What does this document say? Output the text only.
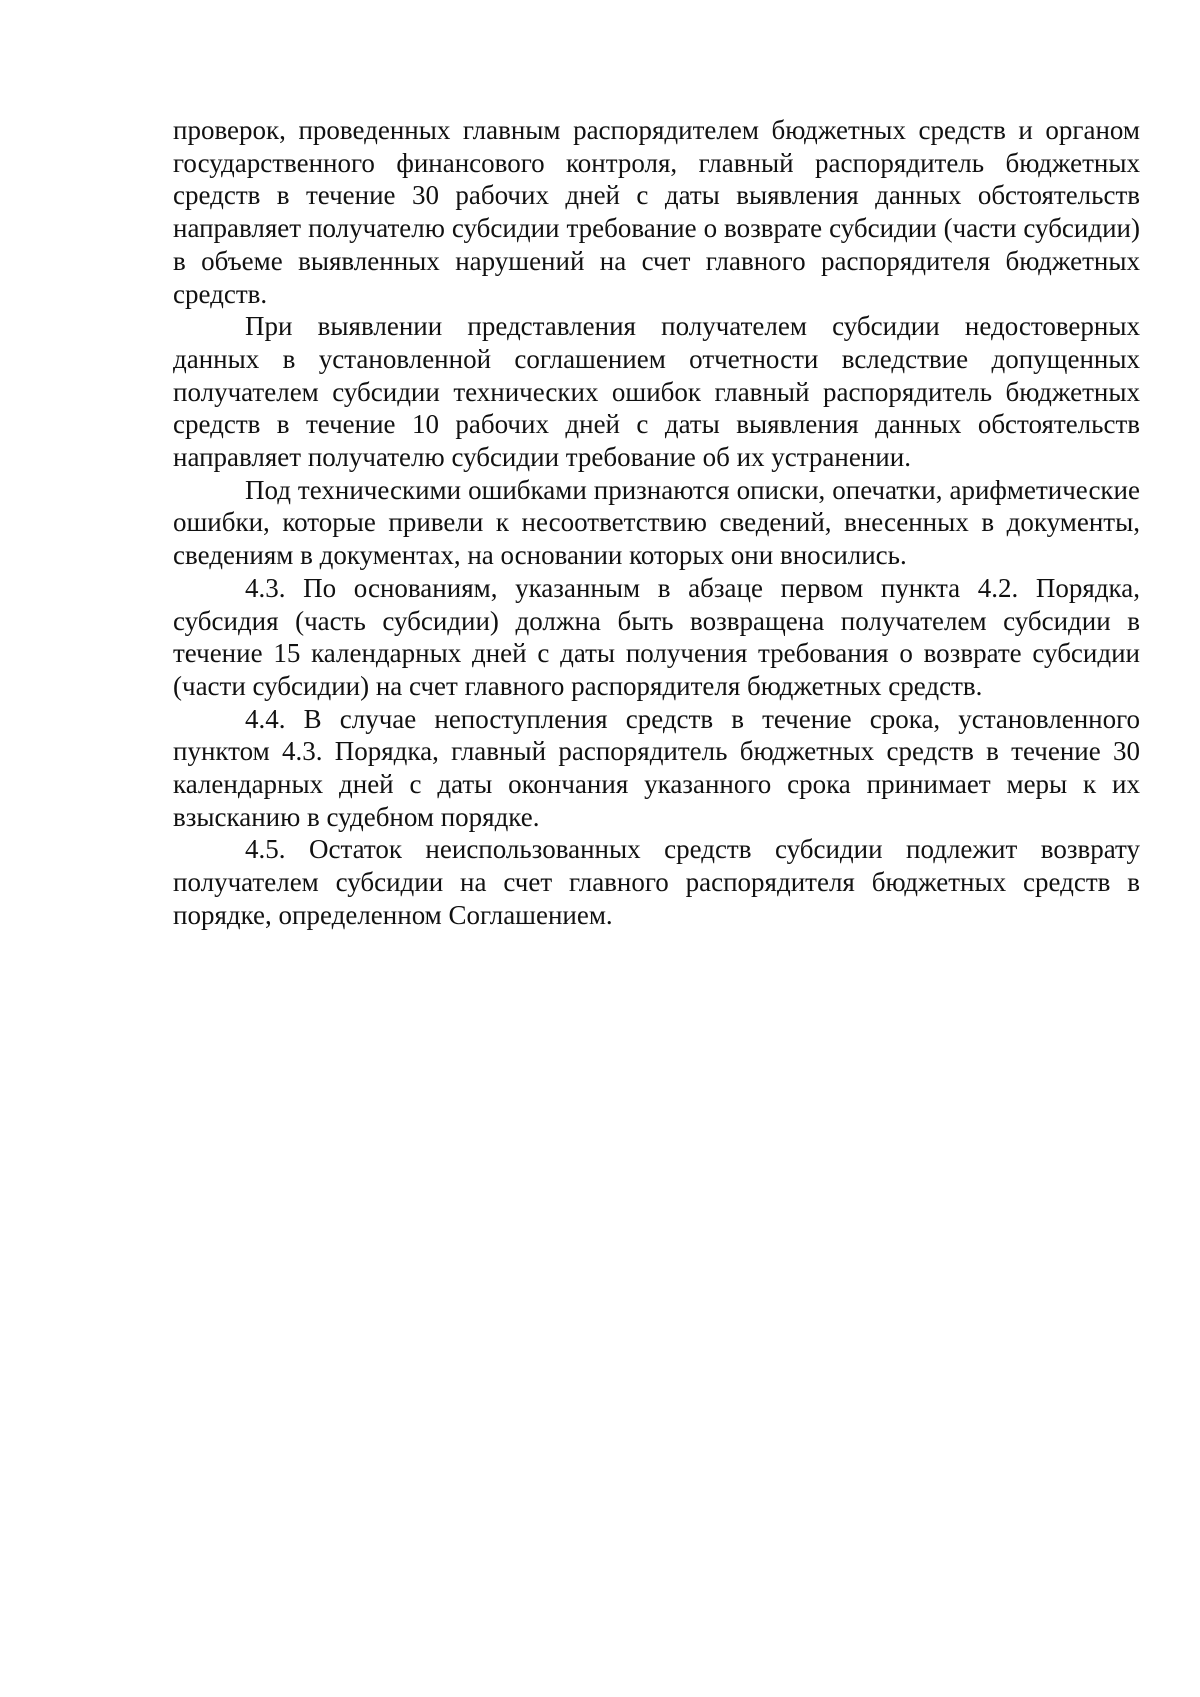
проверок, проведенных главным распорядителем бюджетных средств и органом государственного финансового контроля, главный распорядитель бюджетных средств в течение 30 рабочих дней с даты выявления данных обстоятельств направляет получателю субсидии требование о возврате субсидии (части субсидии) в объеме выявленных нарушений на счет главного распорядителя бюджетных средств.

При выявлении представления получателем субсидии недостоверных данных в установленной соглашением отчетности вследствие допущенных получателем субсидии технических ошибок главный распорядитель бюджетных средств в течение 10 рабочих дней с даты выявления данных обстоятельств направляет получателю субсидии требование об их устранении.

Под техническими ошибками признаются описки, опечатки, арифметические ошибки, которые привели к несоответствию сведений, внесенных в документы, сведениям в документах, на основании которых они вносились.

4.3. По основаниям, указанным в абзаце первом пункта 4.2. Порядка, субсидия (часть субсидии) должна быть возвращена получателем субсидии в течение 15 календарных дней с даты получения требования о возврате субсидии (части субсидии) на счет главного распорядителя бюджетных средств.

4.4. В случае непоступления средств в течение срока, установленного пунктом 4.3. Порядка, главный распорядитель бюджетных средств в течение 30 календарных дней с даты окончания указанного срока принимает меры к их взысканию в судебном порядке.

4.5. Остаток неиспользованных средств субсидии подлежит возврату получателем субсидии на счет главного распорядителя бюджетных средств в порядке, определенном Соглашением.
